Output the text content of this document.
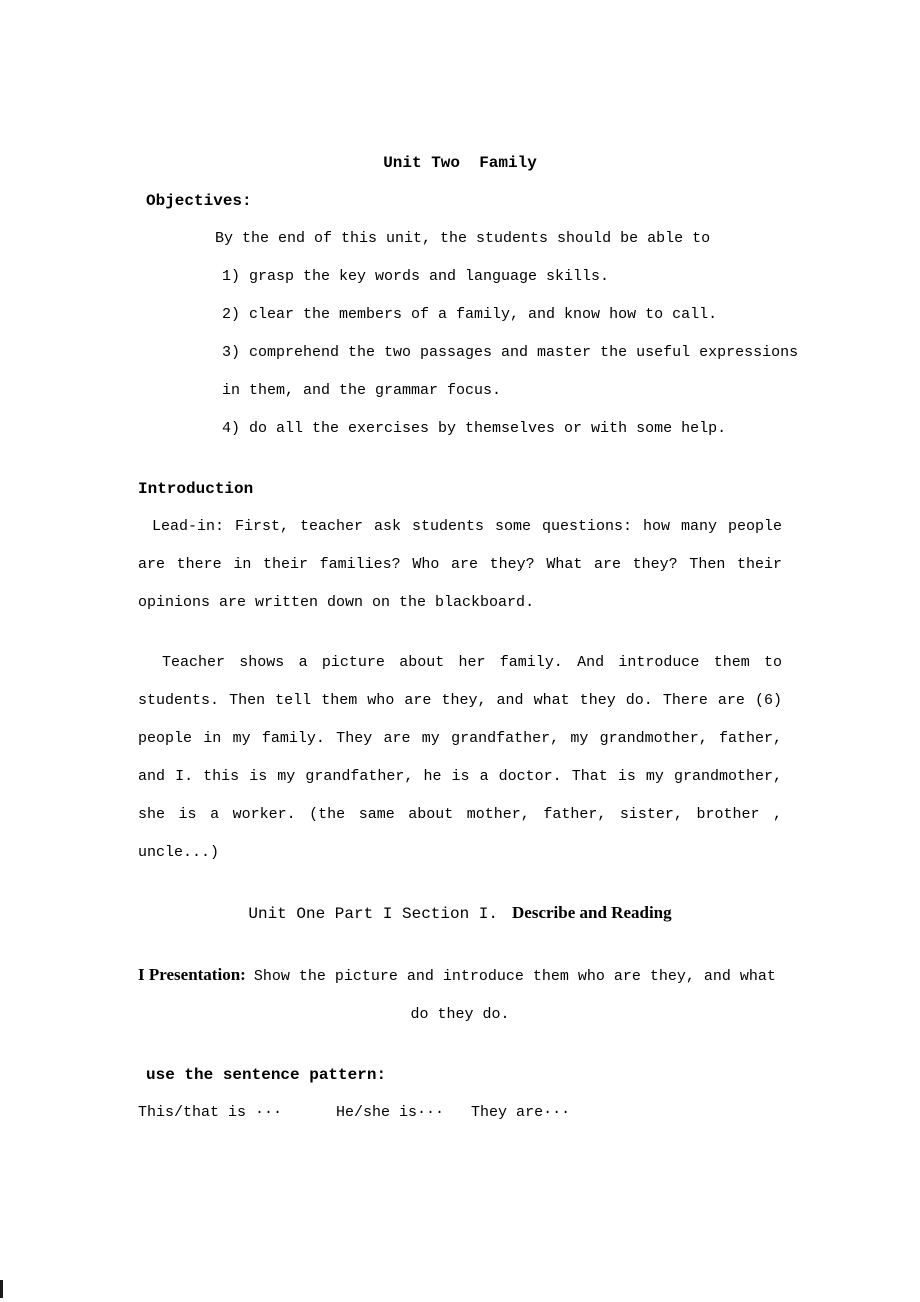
Unit Two  Family
Objectives:
By the end of this unit, the students should be able to
1) grasp the key words and language skills.
2) clear the members of a family, and know how to call.
3) comprehend the two passages and master the useful expressions
in them, and the grammar focus.
4) do all the exercises by themselves or with some help.
Introduction
Lead-in: First, teacher ask students some questions: how many people are there in their families? Who are they? What are they? Then their opinions are written down on the blackboard.
Teacher shows a picture about her family. And introduce them to students. Then tell them who are they, and what they do. There are (6) people in my family. They are my grandfather, my grandmother, father, and I. this is my grandfather, he is a doctor. That is my grandmother, she is a worker. (the same about mother, father, sister, brother , uncle...)
Unit One Part I Section I. Describe and Reading
I Presentation: Show the picture and introduce them who are they, and what
do they do.
use the sentence pattern:
This/that is ···      He/she is···   They are···
